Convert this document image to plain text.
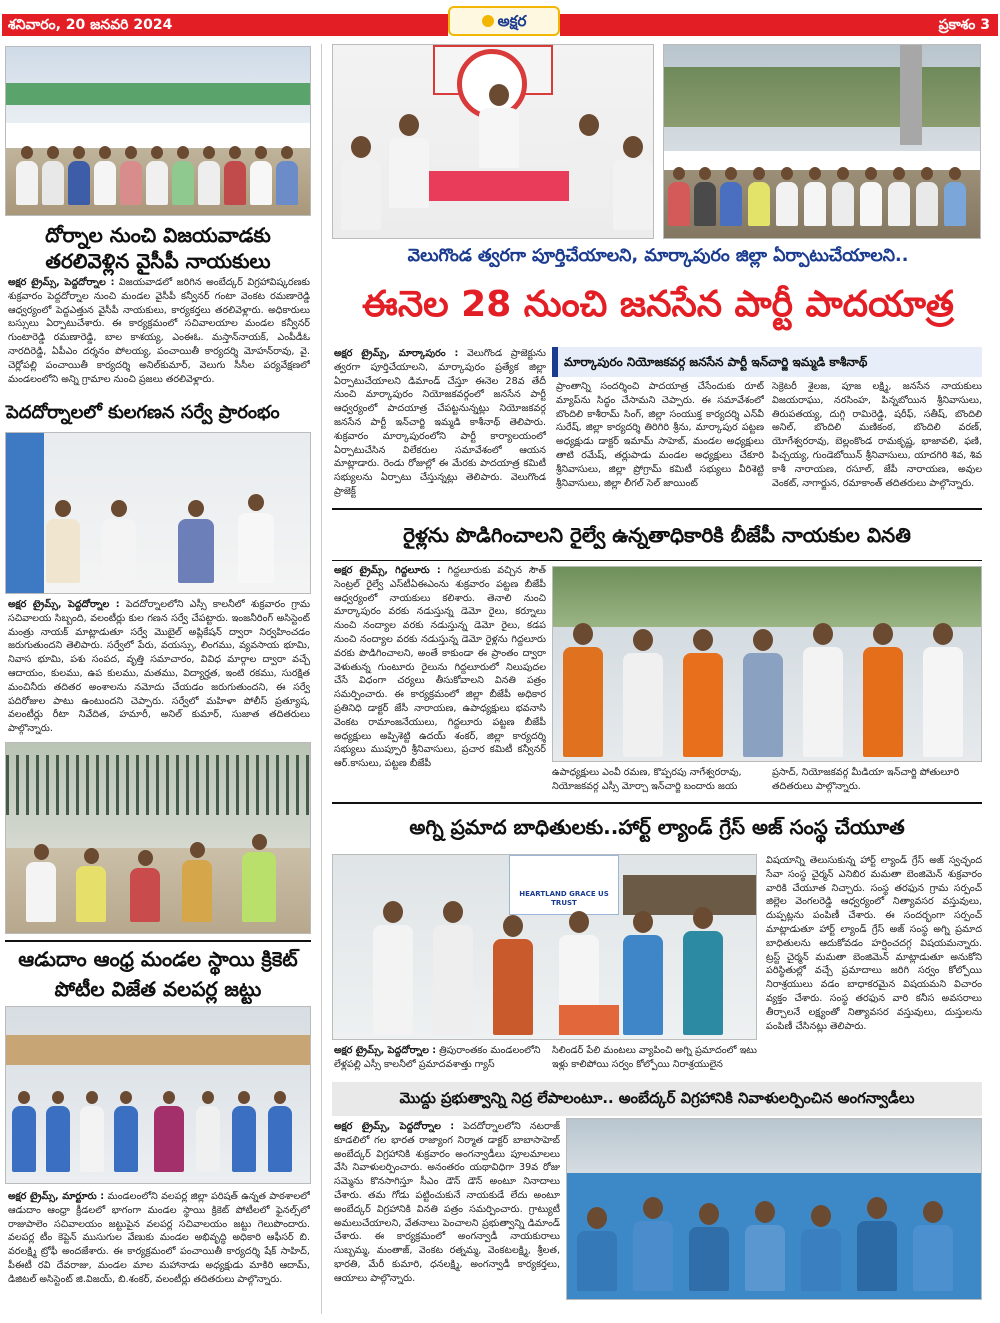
శనివారం, 20 జనవరి 2024	అక్షర	ప్రకాశం 3
దోర్నాల నుంచి విజయవాడకు తరలివెళ్లిన వైసీపీ నాయకులు
అక్షర ట్రైమ్స్, పెద్దదోర్నాల : విజయవాడలో జరిగిన అంబేద్కర్ విగ్రహావిష్కరణకు శుక్రవారం పెద్దదోర్నాల నుంచి మండల వైసీపీ కన్వీనర్ గంటా వెంకట రమణారెడ్డి ఆధ్వర్యంలో పెద్దఎత్తున వైసీపీ నాయకులు, కార్యకర్తలు తరలివెళ్లారు. అధికారులు బస్సులు ఏర్పాటుచేశారు. ఈ కార్యక్రమంలో సచివాలయాల మండల కన్వీనర్ గుంటారెడ్డి రమణారెడ్డి, బాల కాశయ్య, ఎంఈఓ. మస్తాన్‌నాయక్, ఎంపీడీఓ నారదిరెడ్డి, ఏపీఎం దర్శనం పోలయ్య, పంచాయితీ కార్యదర్శి మోహన్‌రావు, వై. చెర్లోపల్లి పంచాయితీ కార్యదర్శి అనిల్‌కుమార్, వెలుగు సీసీల పర్యవేక్షణలో మండలంలోని అన్ని గ్రామాల నుంచి ప్రజలు తరలివెళ్లారు.
పెదదోర్నాలలో కులగణన సర్వే ప్రారంభం
అక్షర ట్రైమ్స్, పెద్దదోర్నాల : పెదదోర్నాలలోని ఎస్సీ కాలనీలో శుక్రవారం గ్రామ సచివాలయ సిబ్బంది, వలంటీర్లు కుల గణన సర్వే చేపట్టారు. ఇంజనీరింగ్ అసిస్టెంట్ మంత్రు నాయక్ మాట్లాడుతూ సర్వే మొబైల్ అప్లికేషన్ ద్వారా నిర్వహించడం జరుగుతుందని తెలిపారు. సర్వేలో పేరు, వయస్సు, లింగము, వ్యవసాయ భూమి, నివాస భూమి, పశు సంపద, వృత్తి సమాచారం, వివిధ మార్గాల ద్వారా వచ్చే ఆదాయం, కులము, ఉప కులము, మతము, విద్యార్హత, ఇంటి రకము, సురక్షిత మంచినీరు తదితర అంశాలను నమోదు చేయడం జరుగుతుందని, ఈ సర్వే పదిరోజుల పాటు ఉంటుందని చెప్పారు. సర్వేలో మహిళా పోలీస్ ప్రత్యూష, వలంటీర్లు రీటా నివేదిత, హమారీ, అనిల్ కుమార్, సుజాత తదితరులు పాల్గొన్నారు.
ఆడుదాం ఆంధ్ర మండల స్థాయి క్రికెట్ పోటీల విజేత వలపర్ల జట్టు
అక్షర ట్రైమ్స్, మార్టూరు : మండలంలోని వలపర్ల జిల్లా పరిషత్ ఉన్నత పాఠశాలలో ఆడుదాం ఆంధ్రా క్రీడలలో భాగంగా మండల స్థాయి క్రికెట్ పోటీలలో ఫైనల్స్‌లో రాజుపాలెం సచివాలయం జట్టుపైన వలపర్ల సచివాలయం జట్టు గెలుపొందారు. వలపర్ల టీం కెప్టెన్ ముసుగుల వేణుకు మండల అభివృద్ధి అధికారి ఆఫీసర్ బి. వరలక్ష్మి ట్రోఫీ అందజేశారు. ఈ కార్యక్రమంలో పంచాయితీ కార్యదర్శి షేక్ సాహిద్, పీఈటీ రవి దేవరాజు, మండల మాల మహానాడు అధ్యక్షుడు మాకిరి ఆదామ్, డిజిటల్ అసిస్టెంట్ జి.విజయ్, బి.శంకర్, వలంటీర్లు తదితరులు పాల్గొన్నారు.
వెలుగొండ త్వరగా పూర్తిచేయాలని, మార్కాపురం జిల్లా ఏర్పాటుచేయాలని..
ఈనెల 28 నుంచి జనసేన పార్టీ పాదయాత్ర
అక్షర ట్రైమ్స్, మార్కాపురం : వెలుగొండ ప్రాజెక్టును త్వరగా పూర్తిచేయాలని, మార్కాపురం ప్రత్యేక జిల్లా ఏర్పాటుచేయాలని డిమాండ్ చేస్తూ ఈనెల 28వ తేదీ నుంచి మార్కాపురం నియోజకవర్గంలో జనసేన పార్టీ ఆధ్వర్యంలో పాదయాత్ర చేపట్టనున్నట్లు నియోజకవర్గ జనసేన పార్టీ ఇన్‌చార్జి ఇమ్మడి కాశీనాథ్ తెలిపారు. శుక్రవారం మార్కాపురంలోని పార్టీ కార్యాలయంలో ఏర్పాటుచేసిన విలేకరుల సమావేశంలో ఆయన మాట్లాడారు. రెండు రోజుల్లో ఈ మేరకు పాదయాత్ర కమిటీ సభ్యులను ఏర్పాటు చేస్తున్నట్లు తెలిపారు. వెలుగొండ ప్రాజెక్ట్
మార్కాపురం నియోజకవర్గ జనసేన పార్టీ ఇన్‌చార్జి ఇమ్మడి కాశీనాథ్
ప్రాంతాన్ని సందర్శించి పాదయాత్ర చేసేందుకు రూట్ మ్యాప్‌ను సిద్ధం చేసామని చెప్పారు. ఈ సమావేశంలో బొందిలి కాశీరామ్ సింగ్, జిల్లా సంయుక్త కార్యదర్శి ఎన్‌వీ సురేష్, జిల్లా కార్యదర్శి తిరిగిరి శ్రీను, మార్కాపుర పట్టణ అధ్యక్షుడు డాక్టర్ ఇమామ్ సాహెబ్, మండల అధ్యక్షులు తాటి రమేష్, తర్లుపాడు మండల అధ్యక్షులు చేకూరి శ్రీనివాసులు, జిల్లా ప్రోగ్రామ్ కమిటీ సభ్యులు వీరిశెట్టి శ్రీనివాసులు, జిల్లా లీగల్ సెల్ జాయింట్
సెక్రెటరీ శైలజ, పూజ లక్ష్మి, జనసేన నాయకులు విజయరాఘు, నరసింహ, పిన్నబోయిన శ్రీనివాసులు, తిరుపతయ్య, దుగ్గి రామిరెడ్డి, షరీఫ్, సతీష్, బొందిలి అనిల్, బొందిలి మణికంఠ, బొందిలి వరణ్, యోగేశ్వరరావు, బెల్లంకొండ రామకృష్ణ, భాజావలి, ఫణి, పిచ్చయ్య, గుండెబోయిన్ శ్రీనివాసులు, యాదగిరి శివ, శివ కాశీ నారాయణ, రసూల్, జేపీ నారాయణ, అవుల వెంకట్, నాగార్జున, రమాకాంత్ తదితరులు పాల్గొన్నారు.
రైళ్లను పొడిగించాలని రైల్వే ఉన్నతాధికారికి బీజేపీ నాయకుల వినతి
అక్షర ట్రైమ్స్, గిద్దలూరు : గిద్దలూరుకు వచ్చిన సౌత్ సెంట్రల్ రైల్వే ఎస్‌టీఏఈఎంను శుక్రవారం పట్టణ బీజేపీ ఆధ్వర్యంలో నాయకులు కలిశారు. తెనాలి నుంచి మార్కాపురం వరకు నడుస్తున్న డెమో రైలు, కర్నూలు నుంచి నంద్యాల వరకు నడుస్తున్న డెమో రైలు, కడప నుంచి నంద్యాల వరకు నడుస్తున్న డెమో రైళ్లను గిద్దలూరు వరకు పొడిగించాలని, అంతే కాకుండా ఈ ప్రాంతం ద్వారా వెళుతున్న గుంటూరు రైలును గిద్దలూరులో నిలుపుదల చేసే విధంగా చర్యలు తీసుకోవాలని వినతి పత్రం సమర్పించారు. ఈ కార్యక్రమంలో జిల్లా బీజేపీ అధికార ప్రతినిధి డాక్టర్ జేసీ నారాయణ, ఉపాధ్యక్షులు భవనాసి వెంకట రామాంజనేయులు, గిద్దలూరు పట్టణ బీజేపీ అధ్యక్షులు అప్పిశెట్టి ఉదయ్ శంకర్, జిల్లా కార్యదర్శి సభ్యులు ముప్పూరి శ్రీనివాసులు, ప్రచార కమిటీ కన్వీనర్ ఆర్.కాసులు, పట్టణ బీజేపీ
ఉపాధ్యక్షులు ఎంవీ రమణ, కొప్పరపు నాగేశ్వరరావు, నియోజకవర్గ ఎస్సీ మోర్చా ఇన్‌చార్జి బందారు జయ
ప్రసాద్, నియోజకవర్గ మీడియా ఇన్‌చార్జి పోతులూరి తదితరులు పాల్గొన్నారు.
అగ్ని ప్రమాద బాధితులకు..హార్ట్ ల్యాండ్ గ్రేస్ అజ్ సంస్థ చేయూత
HEARTLAND GRACE US TRUST
అక్షర ట్రైమ్స్, పెద్దదోర్నాల : త్రిపురాంతకం మండలంలోని లేళ్లపల్లి ఎస్సీ కాలనీలో ప్రమాదవశాత్తు గ్యాస్
సిలిండర్ పేలి మంటలు వ్యాపించి అగ్ని ప్రమాదంలో ఇటు ఇళ్లు కాలిపోయి సర్వం కోల్పోయి నిరాశ్రయులైన
విషయాన్ని తెలుసుకున్న హార్ట్ ల్యాండ్ గ్రేస్ అజ్ స్వచ్ఛంద సేవా సంస్థ చైర్మన్ ఎనిబిర మమతా బెంజిమెన్ శుక్రవారం వారికి చేయూత నిచ్చారు. సంస్థ తరఫున గ్రామ సర్పంచ్ జిల్లెల వెంగలరెడ్డి ఆధ్వర్యంలో నిత్యావసర వస్తువులు, దుప్పట్లను పంపిణీ చేశారు. ఈ సందర్భంగా సర్పంచ్ మాట్లాడుతూ హార్ట్ ల్యాండ్ గ్రేస్ అజ్ సంస్థ అగ్ని ప్రమాద బాధితులను ఆదుకోవడం హర్షించదగ్గ విషయమన్నారు. ట్రస్ట్ చైర్మన్ మమతా బెంజిమెన్ మాట్లాడుతూ అనుకోని పరిస్థితుల్లో వచ్చే ప్రమాదాలు జరిగి సర్వం కోల్పోయి నిరాశ్రయులు వడం బాధాకరమైన విషయమని విచారం వ్యక్తం చేశారు. సంస్థ తరఫున వారి కనీస అవసరాలు తీర్చాలనే లక్ష్యంతో నిత్యావసర వస్తువులు, దుస్తులను పంపిణీ చేసినట్లు తెలిపారు.
మొద్దు ప్రభుత్వాన్ని నిద్ర లేపాలంటూ.. అంబేద్కర్ విగ్రహానికి నివాళులర్పించిన అంగన్వాడీలు
అక్షర ట్రైమ్స్, పెద్దదోర్నాల : పెదదోర్నాలలోని నటరాజ్ కూడలిలో గల భారత రాజ్యాంగ నిర్మాత డాక్టర్ బాబాసాహెబ్ అంబేద్కర్ విగ్రహానికి శుక్రవారం అంగన్వాడీలు పూలమాలలు వేసి నివాళులర్పించారు. అనంతరం యథావిధిగా 39వ రోజు సమ్మెను కొనసాగిస్తూ సీఎం డౌన్ డౌన్ అంటూ నినాదాలు చేశారు. తమ గోడు పట్టించుకునే నాయకుడే లేదు అంటూ అంబేద్కర్ విగ్రహానికి వినతి పత్రం సమర్పించారు. గ్రాట్యుటీ అమలుచేయాలని, వేతనాలు పెంచాలని ప్రభుత్వాన్ని డిమాండ్ చేశారు. ఈ కార్యక్రమంలో అంగన్వాడీ నాయకురాలు సుబ్బమ్మ, మంతాజ్, వెంకట రత్నమ్మ, వెంకటలక్ష్మి, శ్రీలత, భారతి, మేరీ కుమారి, ధనలక్ష్మి, అంగన్వాడీ కార్యకర్తలు, ఆయాలు పాల్గొన్నారు.
